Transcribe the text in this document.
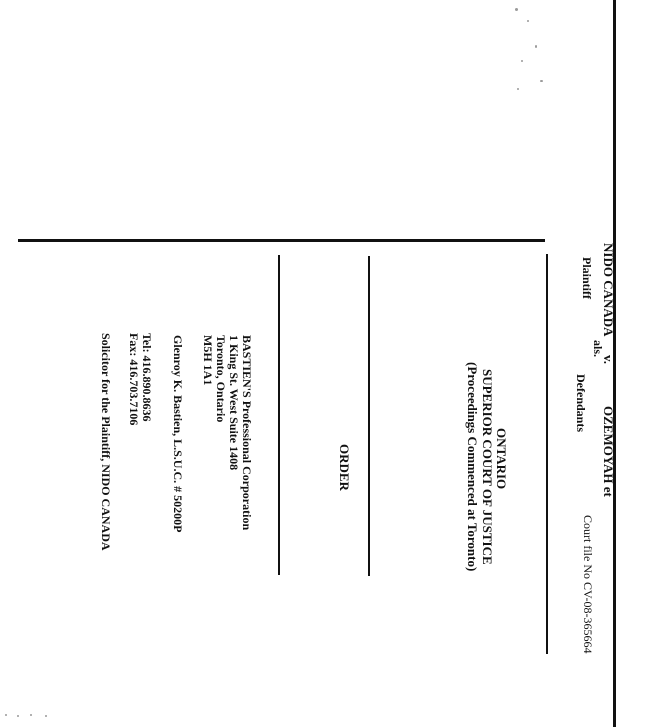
NIDO CANADA
Plaintiff
v.
OZEMOYAH et
als.
Defendants
Court file No CV-08-365664
ONTARIO
SUPERIOR COURT OF JUSTICE
(Proceedings Commenced at Toronto)
ORDER
BASTIEN'S Professional Corporation
1 King St. West Suite 1408
Toronto, Ontario
M5H 1A1
Glenroy K. Bastien, L.S.U.C. # 50200P
Tel: 416.890.8636
Fax: 416.703.7106
Solicitor for the Plaintiff, NIDO CANADA
